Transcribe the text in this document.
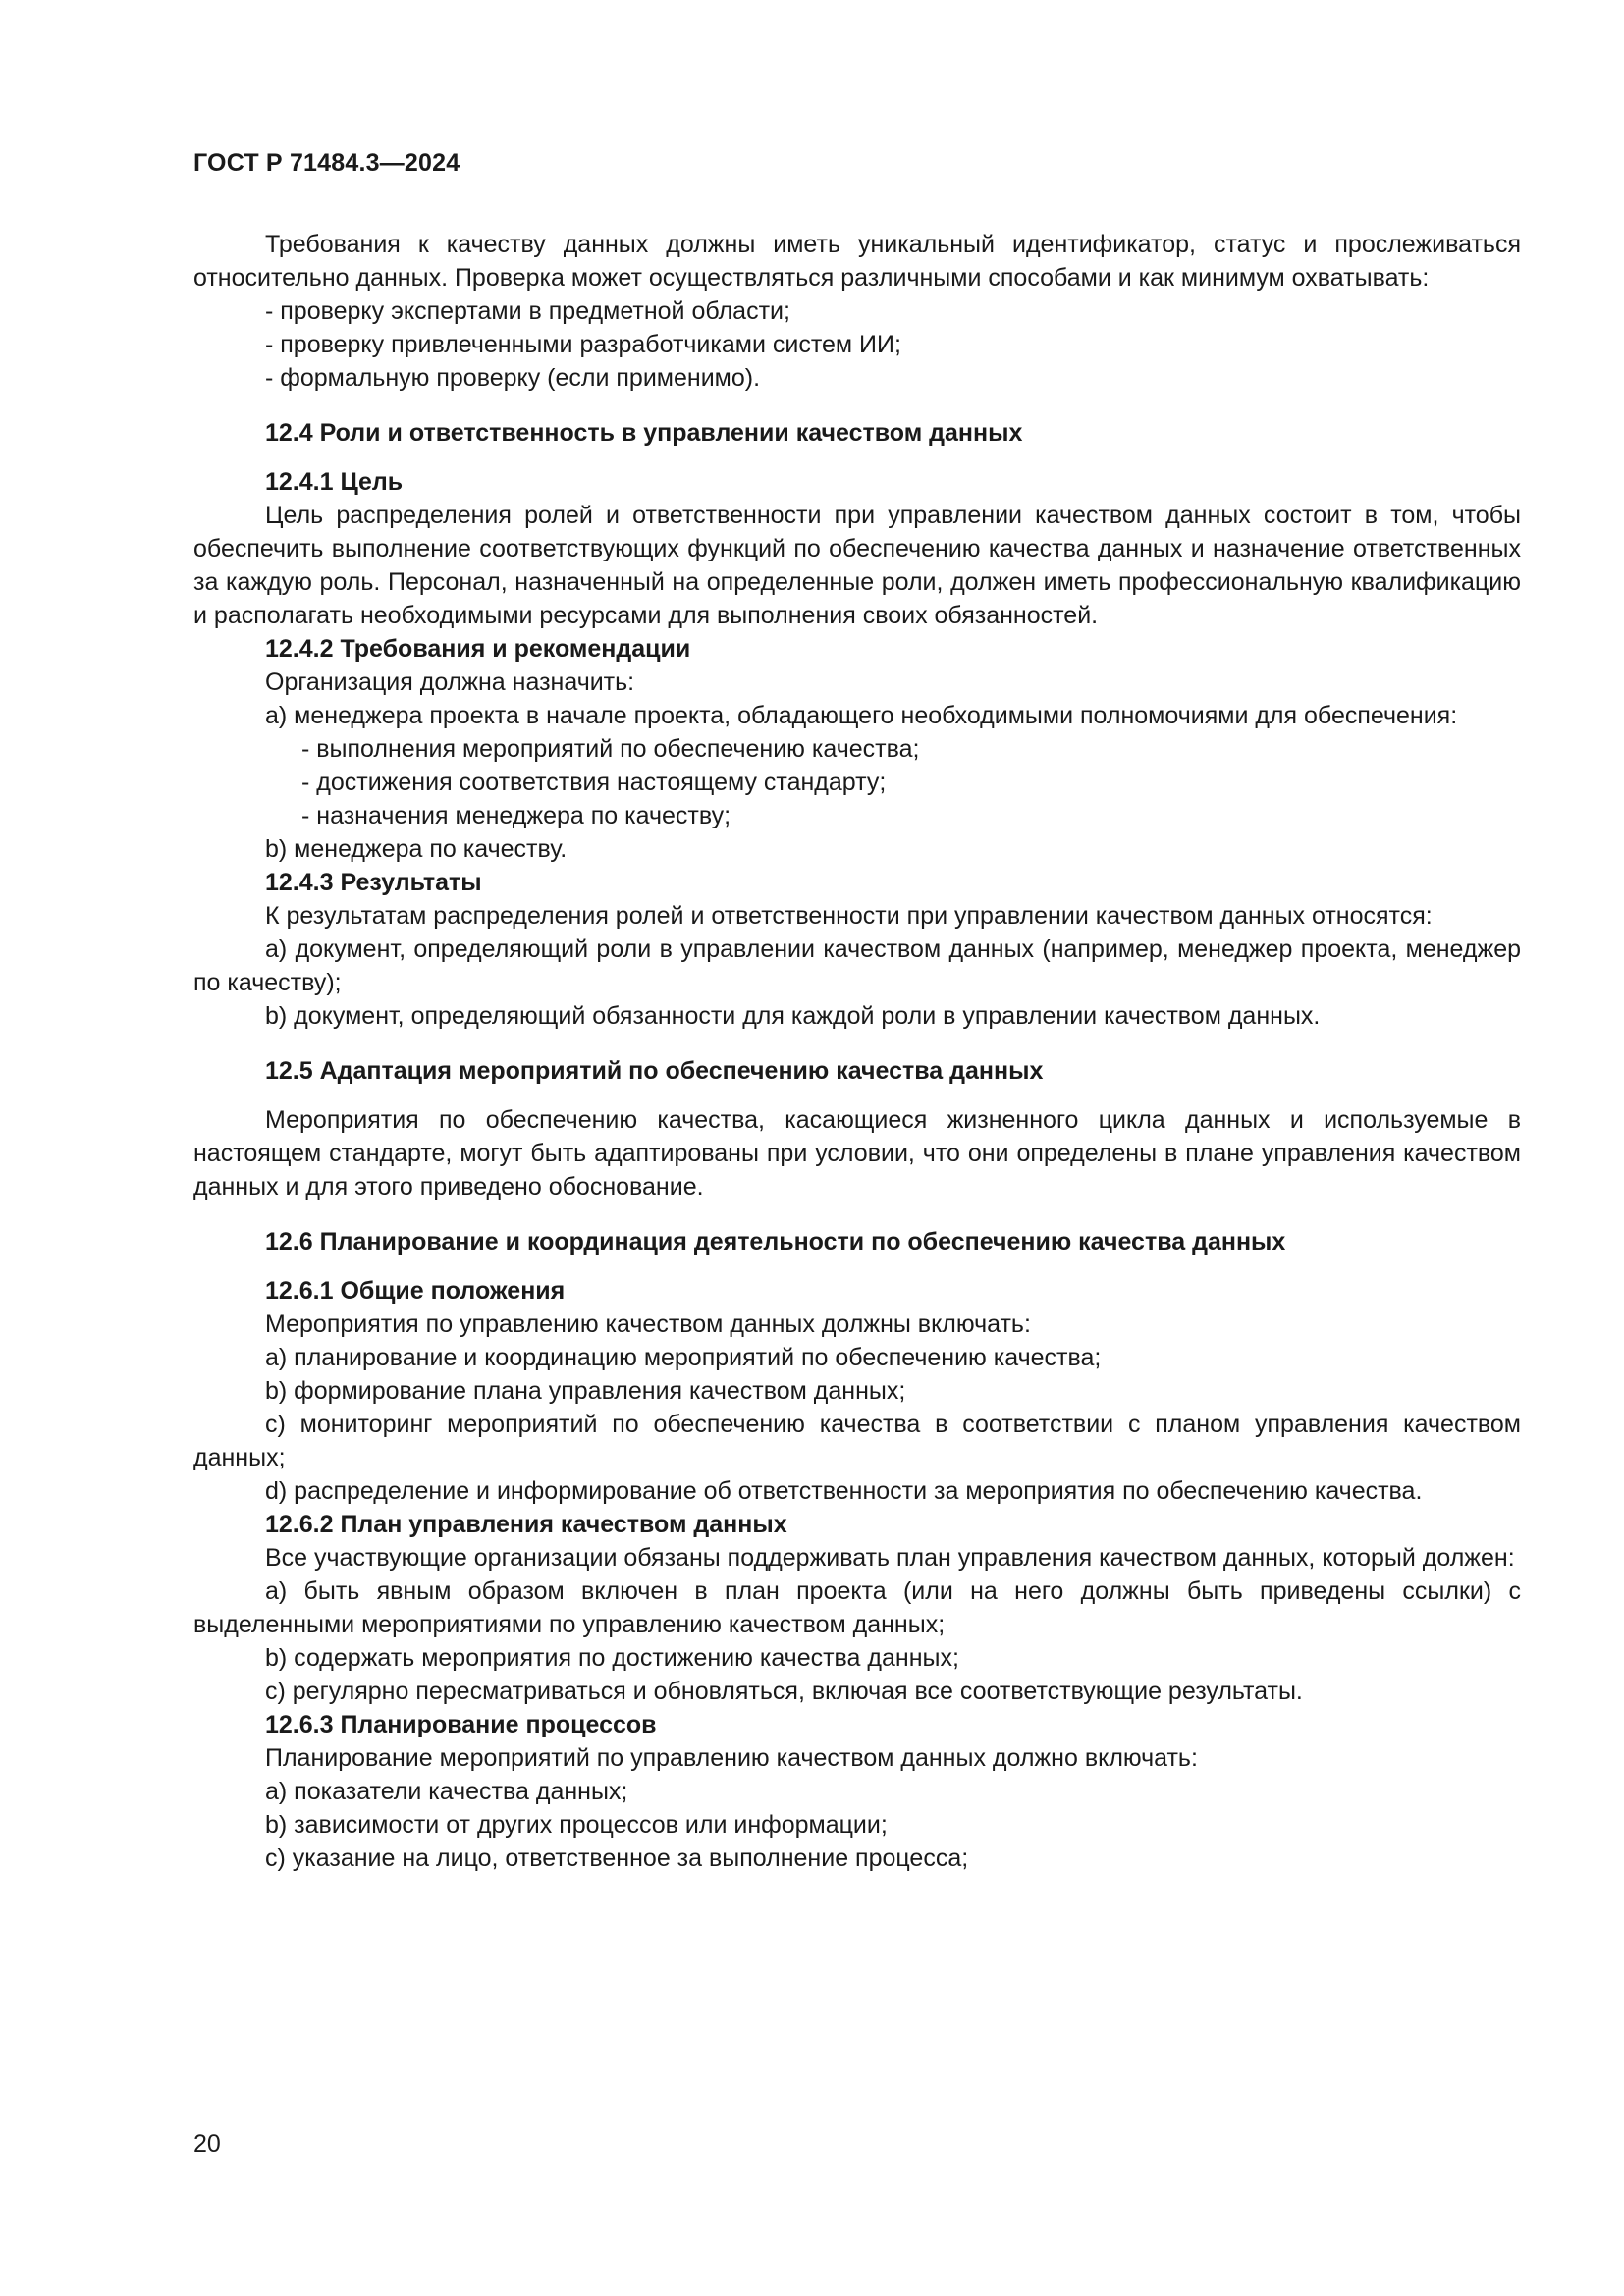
ГОСТ Р 71484.3—2024

Требования к качеству данных должны иметь уникальный идентификатор, статус и прослеживаться относительно данных. Проверка может осуществляться различными способами и как минимум охватывать:

- проверку экспертами в предметной области;

- проверку привлеченными разработчиками систем ИИ;

- формальную проверку (если применимо).

12.4 Роли и ответственность в управлении качеством данных

12.4.1 Цель

Цель распределения ролей и ответственности при управлении качеством данных состоит в том, чтобы обеспечить выполнение соответствующих функций по обеспечению качества данных и назначение ответственных за каждую роль. Персонал, назначенный на определенные роли, должен иметь профессиональную квалификацию и располагать необходимыми ресурсами для выполнения своих обязанностей.

12.4.2 Требования и рекомендации

Организация должна назначить:

а) менеджера проекта в начале проекта, обладающего необходимыми полномочиями для обеспечения:

- выполнения мероприятий по обеспечению качества;

- достижения соответствия настоящему стандарту;

- назначения менеджера по качеству;

b) менеджера по качеству.

12.4.3 Результаты

К результатам распределения ролей и ответственности при управлении качеством данных относятся:

а) документ, определяющий роли в управлении качеством данных (например, менеджер проекта, менеджер по качеству);

b) документ, определяющий обязанности для каждой роли в управлении качеством данных.

12.5 Адаптация мероприятий по обеспечению качества данных

Мероприятия по обеспечению качества, касающиеся жизненного цикла данных и используемые в настоящем стандарте, могут быть адаптированы при условии, что они определены в плане управления качеством данных и для этого приведено обоснование.

12.6 Планирование и координация деятельности по обеспечению качества данных

12.6.1 Общие положения

Мероприятия по управлению качеством данных должны включать:

а) планирование и координацию мероприятий по обеспечению качества;

b) формирование плана управления качеством данных;

с) мониторинг мероприятий по обеспечению качества в соответствии с планом управления качеством данных;

d) распределение и информирование об ответственности за мероприятия по обеспечению качества.

12.6.2 План управления качеством данных

Все участвующие организации обязаны поддерживать план управления качеством данных, который должен:

а) быть явным образом включен в план проекта (или на него должны быть приведены ссылки) с выделенными мероприятиями по управлению качеством данных;

b) содержать мероприятия по достижению качества данных;

с) регулярно пересматриваться и обновляться, включая все соответствующие результаты.

12.6.3 Планирование процессов

Планирование мероприятий по управлению качеством данных должно включать:

а) показатели качества данных;

b) зависимости от других процессов или информации;

с) указание на лицо, ответственное за выполнение процесса;

20
